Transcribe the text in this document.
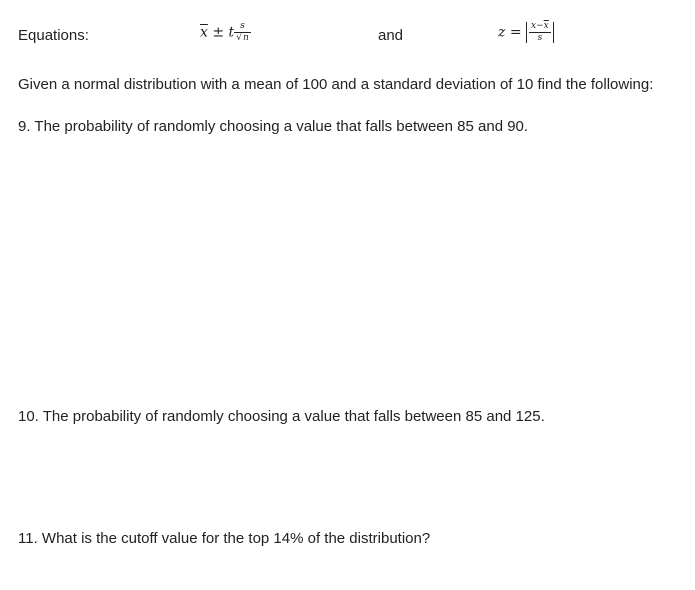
Equations:	$\overline{x} \pm t \frac{s}{√n}$	and	$z = \frac{x-\overline{x}}{s}$
Given a normal distribution with a mean of 100 and a standard deviation of 10 find the following:
9. The probability of randomly choosing a value that falls between 85 and 90.
10. The probability of randomly choosing a value that falls between 85 and 125.
11. What is the cutoff value for the top 14% of the distribution?
